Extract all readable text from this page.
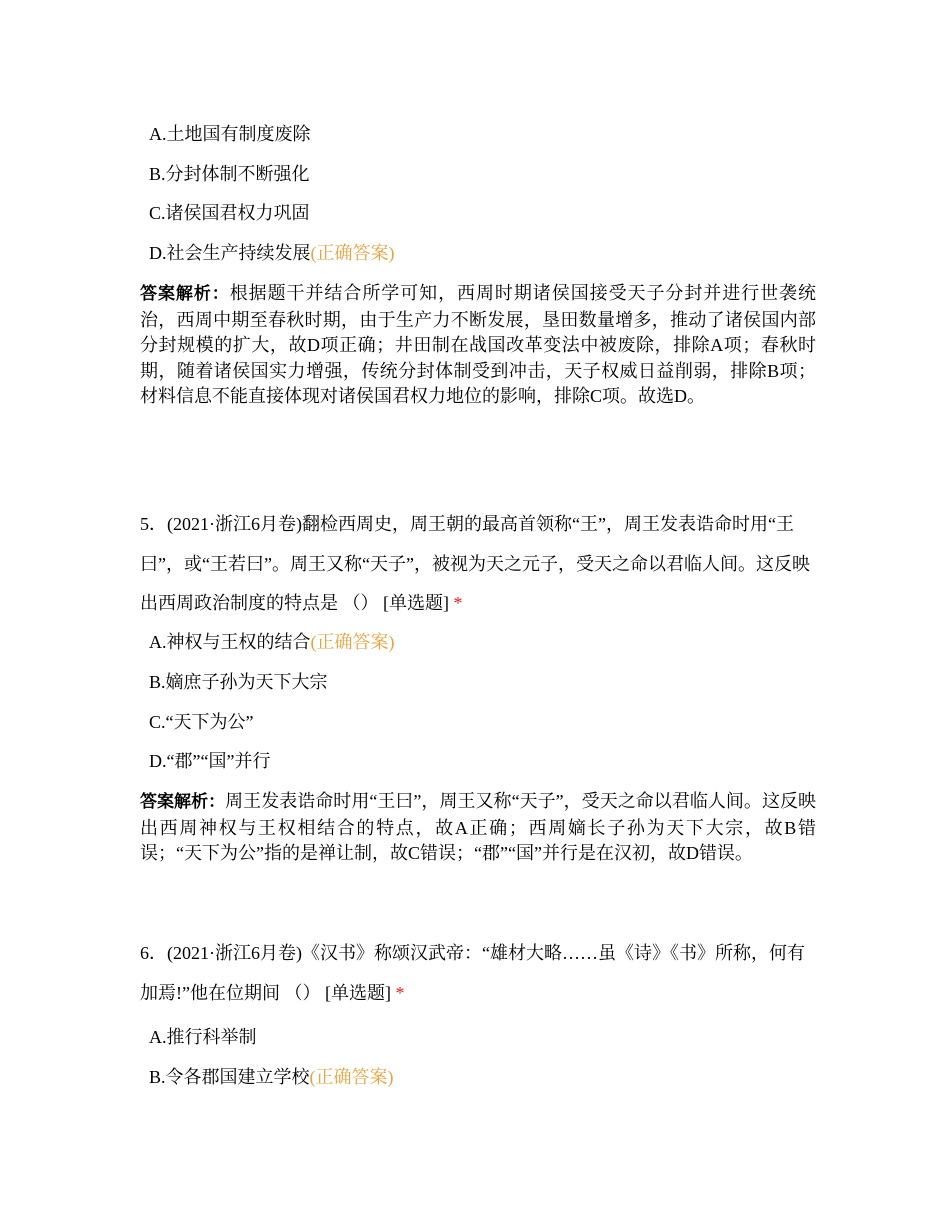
A.土地国有制度废除
B.分封体制不断强化
C.诸侯国君权力巩固
D.社会生产持续发展(正确答案)
答案解析：根据题干并结合所学可知，西周时期诸侯国接受天子分封并进行世袭统治，西周中期至春秋时期，由于生产力不断发展，垦田数量增多，推动了诸侯国内部分封规模的扩大，故D项正确；井田制在战国改革变法中被废除，排除A项；春秋时期，随着诸侯国实力增强，传统分封体制受到冲击，天子权威日益削弱，排除B项；材料信息不能直接体现对诸侯国君权力地位的影响，排除C项。故选D。
5．(2021·浙江6月卷)翻检西周史，周王朝的最高首领称“王”，周王发表诰命时用“王曰”，或“王若曰”。周王又称“天子”，被视为天之元子，受天之命以君临人间。这反映出西周政治制度的特点是 （） [单选题] *
A.神权与王权的结合(正确答案)
B.嫡庶子孙为天下大宗
C.“天下为公”
D.“郡”“国”并行
答案解析：周王发表诰命时用“王曰”，周王又称“天子”，受天之命以君临人间。这反映出西周神权与王权相结合的特点，故A正确；西周嫡长子孙为天下大宗，故B错误；“天下为公”指的是禅让制，故C错误；“郡”“国”并行是在汉初，故D错误。
6．(2021·浙江6月卷)《汉书》称颂汉武帝：“雄材大略……虽《诗》《书》所称，何有加焉!”他在位期间 （） [单选题] *
A.推行科举制
B.令各郡国建立学校(正确答案)
